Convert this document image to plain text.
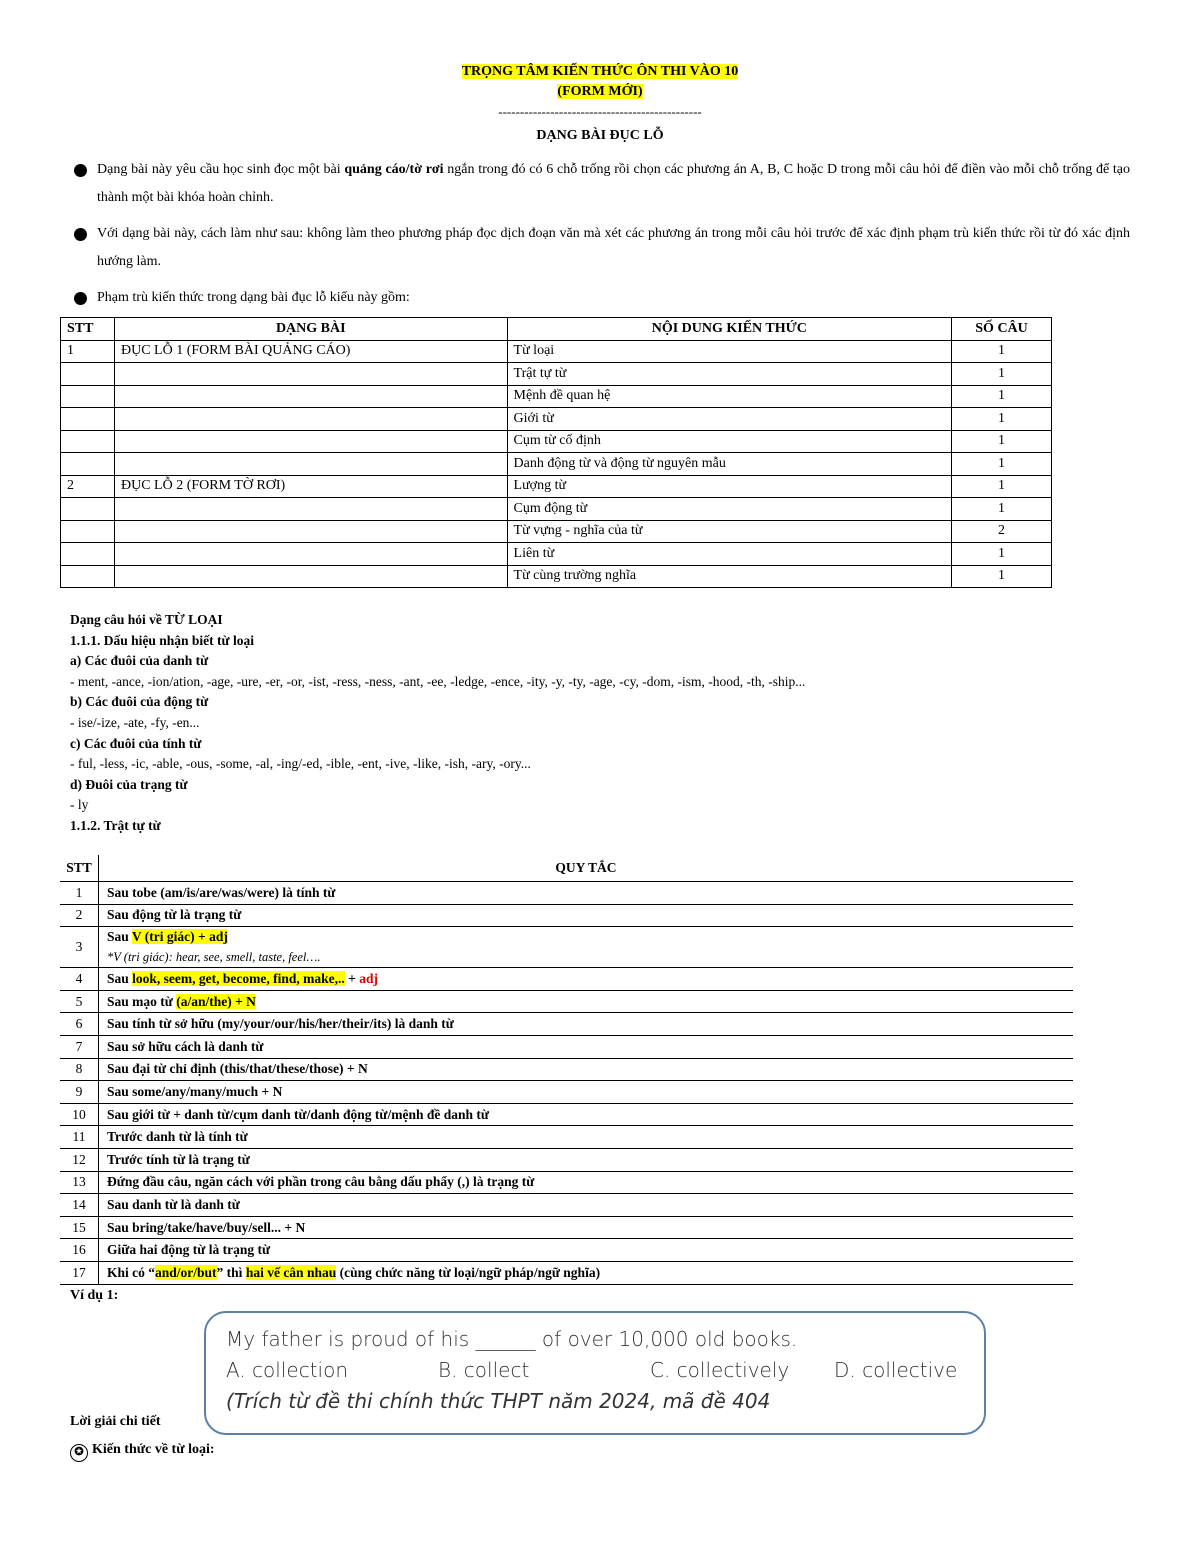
TRỌNG TÂM KIẾN THỨC ÔN THI VÀO 10
(FORM MỚI)
-----------------------------------------------
DẠNG BÀI ĐỤC LỖ
Dạng bài này yêu cầu học sinh đọc một bài quảng cáo/tờ rơi ngắn trong đó có 6 chỗ trống rồi chọn các phương án A, B, C hoặc D trong mỗi câu hỏi để điền vào mỗi chỗ trống để tạo thành một bài khóa hoàn chỉnh.
Với dạng bài này, cách làm như sau: không làm theo phương pháp đọc dịch đoạn văn mà xét các phương án trong mỗi câu hỏi trước để xác định phạm trù kiến thức rồi từ đó xác định hướng làm.
Phạm trù kiến thức trong dạng bài đục lỗ kiểu này gồm:
STT	DẠNG BÀI	NỘI DUNG KIẾN THỨC	SỐ CÂU
1	ĐỤC LỖ 1 (FORM BÀI QUẢNG CÁO)	Từ loại	1
		Trật tự từ	1
		Mệnh đề quan hệ	1
		Giới từ	1
		Cụm từ cố định	1
		Danh động từ và động từ nguyên mẫu	1
2	ĐỤC LỖ 2 (FORM TỜ RƠI)	Lượng từ	1
		Cụm động từ	1
		Từ vựng - nghĩa của từ	2
		Liên từ	1
		Từ cùng trường nghĩa	1
Dạng câu hỏi về TỪ LOẠI
1.1.1. Dấu hiệu nhận biết từ loại
a) Các đuôi của danh từ
- ment, -ance, -ion/ation, -age, -ure, -er, -or, -ist, -ress, -ness, -ant, -ee, -ledge, -ence, -ity, -y, -ty, -age, -cy, -dom, -ism, -hood, -th, -ship...
b) Các đuôi của động từ
- ise/-ize, -ate, -fy, -en...
c) Các đuôi của tính từ
- ful, -less, -ic, -able, -ous, -some, -al, -ing/-ed, -ible, -ent, -ive, -like, -ish, -ary, -ory...
d) Đuôi của trạng từ
- ly
1.1.2. Trật tự từ
STT	QUY TẮC
1	Sau tobe (am/is/are/was/were) là tính từ
2	Sau động từ là trạng từ
3	Sau V (tri giác) + adj
*V (tri giác): hear, see, smell, taste, feel….
4	Sau look, seem, get, become, find, make,.. + adj
5	Sau mạo từ (a/an/the) + N
6	Sau tính từ sở hữu (my/your/our/his/her/their/its) là danh từ
7	Sau sở hữu cách là danh từ
8	Sau đại từ chỉ định (this/that/these/those) + N
9	Sau some/any/many/much + N
10	Sau giới từ + danh từ/cụm danh từ/danh động từ/mệnh đề danh từ
11	Trước danh từ là tính từ
12	Trước tính từ là trạng từ
13	Đứng đầu câu, ngăn cách với phần trong câu bằng dấu phẩy (,) là trạng từ
14	Sau danh từ là danh từ
15	Sau bring/take/have/buy/sell... + N
16	Giữa hai động từ là trạng từ
17	Khi có “and/or/but” thì hai vế cân nhau (cùng chức năng từ loại/ngữ pháp/ngữ nghĩa)
Ví dụ 1:
My father is proud of his ______ of over 10,000 old books.
A. collection	B. collect	C. collectively D. collective
(Trích từ đề thi chính thức THPT năm 2024, mã đề 404
Lời giải chi tiết
✪ Kiến thức về từ loại:
